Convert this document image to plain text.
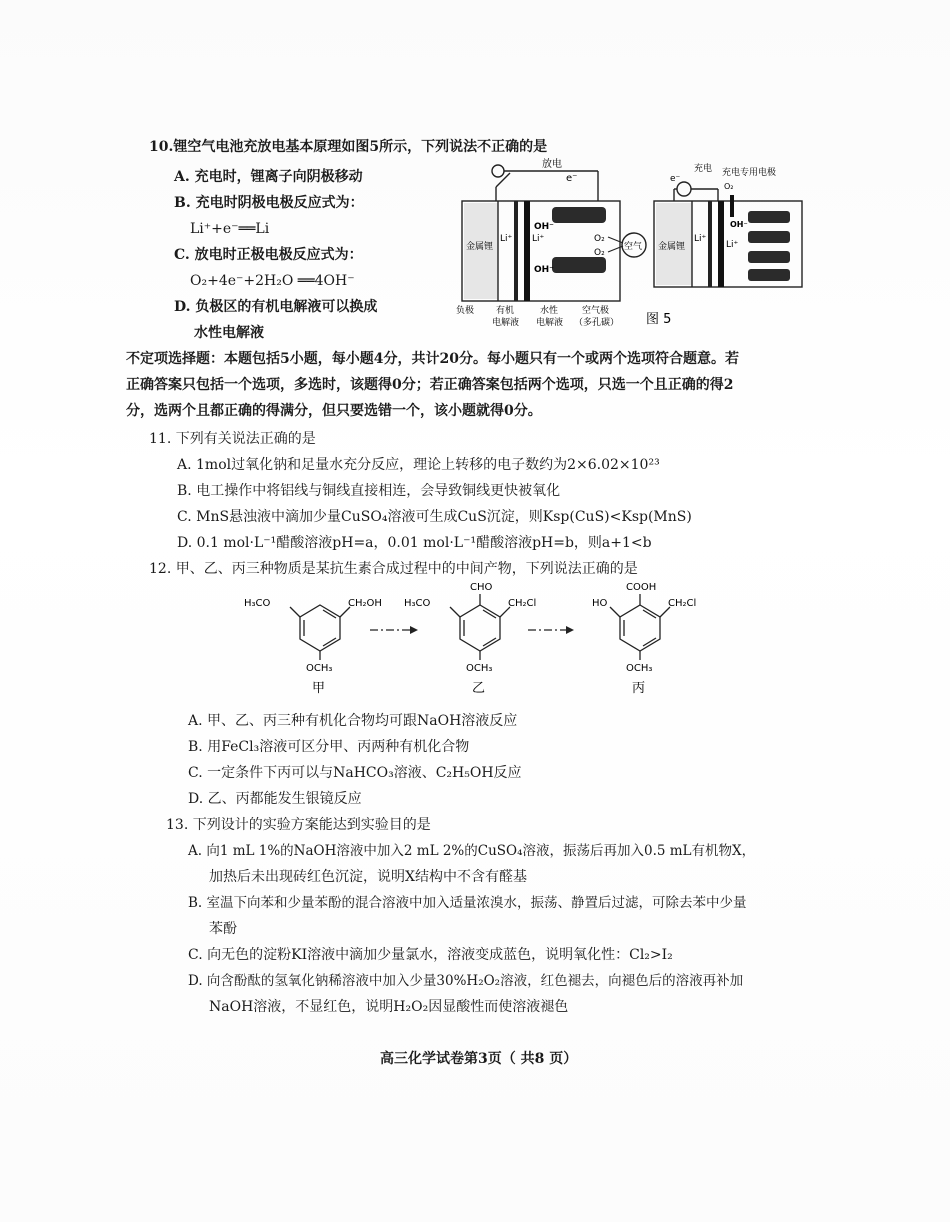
10.锂空气电池充放电基本原理如图5所示，下列说法不正确的是
A. 充电时，锂离子向阴极移动
B. 充电时阴极电极反应式为：
Li⁺+e⁻══Li
C. 放电时正极电极反应式为：
O₂+4e⁻+2H₂O ══4OH⁻
D. 负极区的有机电解液可以换成
水性电解液
放电
e⁻
金属锂
Li⁺ Li⁺
OH⁻
OH⁻
O₂
O₂
空气
负极 有机
电解液
水性
电解液
空气极
（多孔碳） 图 5
充电 充电专用电极
e⁻
O₂
金属锂
Li⁺
Li⁺
OH⁻
不定项选择题：本题包括5小题，每小题4分，共计20分。每小题只有一个或两个选项符合题意。若
正确答案只包括一个选项，多选时，该题得0分；若正确答案包括两个选项，只选一个且正确的得2
分，选两个且都正确的得满分，但只要选错一个，该小题就得0分。
11. 下列有关说法正确的是
A. 1mol过氧化钠和足量水充分反应，理论上转移的电子数约为2×6.02×10²³
B. 电工操作中将铝线与铜线直接相连，会导致铜线更快被氧化
C. MnS悬浊液中滴加少量CuSO₄溶液可生成CuS沉淀，则Ksp(CuS)<Ksp(MnS)
D. 0.1 mol·L⁻¹醋酸溶液pH=a，0.01 mol·L⁻¹醋酸溶液pH=b，则a+1<b
12. 甲、乙、丙三种物质是某抗生素合成过程中的中间产物，下列说法正确的是
H₃CO	CH₂OH
OCH₃
甲
CHO
H₃CO	CH₂Cl
OCH₃
乙
COOH
HO	CH₂Cl
OCH₃
丙
A. 甲、乙、丙三种有机化合物均可跟NaOH溶液反应
B. 用FeCl₃溶液可区分甲、丙两种有机化合物
C. 一定条件下丙可以与NaHCO₃溶液、C₂H₅OH反应
D. 乙、丙都能发生银镜反应
13. 下列设计的实验方案能达到实验目的是
A. 向1 mL 1%的NaOH溶液中加入2 mL 2%的CuSO₄溶液，振荡后再加入0.5 mL有机物X，
加热后未出现砖红色沉淀，说明X结构中不含有醛基
B. 室温下向苯和少量苯酚的混合溶液中加入适量浓溴水，振荡、静置后过滤，可除去苯中少量
苯酚
C. 向无色的淀粉KI溶液中滴加少量氯水，溶液变成蓝色，说明氧化性：Cl₂>I₂
D. 向含酚酞的氢氧化钠稀溶液中加入少量30%H₂O₂溶液，红色褪去，向褪色后的溶液再补加
NaOH溶液，不显红色，说明H₂O₂因显酸性而使溶液褪色
高三化学试卷第3页（ 共8 页）
